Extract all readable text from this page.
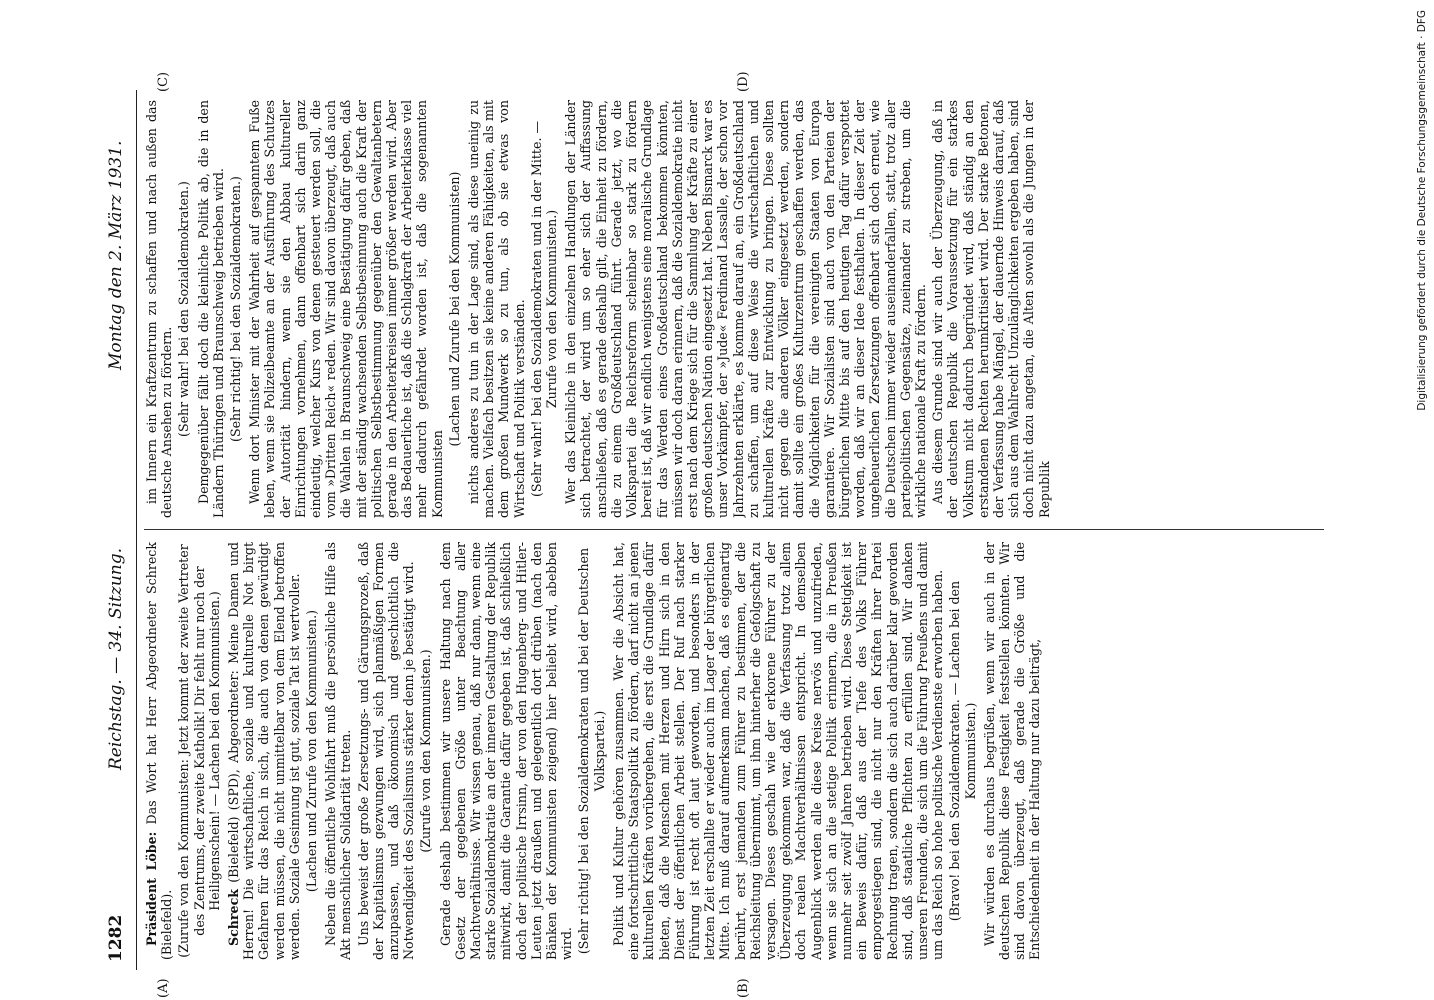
1282
Reichstag. — 34. Sitzung.
Montag den 2. März 1931.
(A)	(B)
(C)	(D)

Präsident Löbe: Das Wort hat Herr Abgeordneter Schreck (Bielefeld). (Zurufe von den Kommunisten: Jetzt kommt der zweite Vertreter des Zentrums, der zweite Katholik! Dir fehlt nur noch der Heiligenschein! — Lachen bei den Kommunisten.)

Schreck (Bielefeld) (SPD), Abgeordneter: Meine Damen und Herren! Die wirtschaftliche, soziale und kulturelle Not birgt Gefahren für das Reich in sich, die auch von denen gewürdigt werden müssen, die nicht unmittelbar von dem Elend betroffen werden. Soziale Gesinnung ist gut, soziale Tat ist wertvoller. (Lachen und Zurufe von den Kommunisten.) Neben die öffentliche Wohlfahrt muß die persönliche Hilfe als Akt menschlicher Solidarität treten. Uns beweist der große Zersetzungs- und Gärungsprozeß, daß der Kapitalismus gezwungen wird, sich planmäßigen Formen anzupassen, und daß ökonomisch und geschichtlich die Notwendigkeit des Sozialismus stärker denn je bestätigt wird. (Zurufe von den Kommunisten.) Gerade deshalb bestimmen wir unsere Haltung nach dem Gesetz der gegebenen Größe unter Beachtung aller Machtverhältnisse. Wir wissen genau, daß nur dann, wenn eine starke Sozialdemokratie an der inneren Gestaltung der Republik mitwirkt, damit die Garantie dafür gegeben ist, daß schließlich doch der politische Irrsinn, der von den Hugenberg- und Hitler-Leuten jetzt draußen und gelegentlich dort drüben (nach den Bänken der Kommunisten zeigend) hier beliebt wird, abebben wird. (Sehr richtig! bei den Sozialdemokraten und bei der Deutschen Volkspartei.) Politik und Kultur gehören zusammen. Wer die Absicht hat, eine fortschrittliche Staatspolitik zu fördern, darf nicht an jenen kulturellen Kräften vorübergehen, die erst die Grundlage dafür bieten, daß die Menschen mit Herzen und Hirn sich in den Dienst der öffentlichen Arbeit stellen. Der Ruf nach starker Führung ist recht oft laut geworden, und besonders in der letzten Zeit erschallte er wieder auch im Lager der bürgerlichen Mitte. Ich muß darauf aufmerksam machen, daß es eigenartig berührt, erst jemanden zum Führer zu bestimmen, der die Reichsleitung übernimmt, um ihm hinterher die Gefolgschaft zu versagen. Dieses geschah wie der erkorene Führer zu der Überzeugung gekommen war, daß die Verfassung trotz allem doch realen Machtverhältnissen entspricht. In demselben Augenblick werden alle diese Kreise nervös und unzufrieden, wenn sie sich an die stetige Politik erinnern, die in Preußen nunmehr seit zwölf Jahren betrieben wird. Diese Stetigkeit ist ein Beweis dafür, daß aus der Tiefe des Volks Führer emporgestiegen sind, die nicht nur den Kräften ihrer Partei Rechnung tragen, sondern die sich auch darüber klar geworden sind, daß staatliche Pflichten zu erfüllen sind. Wir danken unseren Freunden, die sich um die Führung Preußens und damit um das Reich so hohe politische Verdienste erworben haben. (Bravo! bei den Sozialdemokraten. — Lachen bei den Kommunisten.) Wir würden es durchaus begrüßen, wenn wir auch in der deutschen Republik diese Festigkeit feststellen könnten. Wir sind davon überzeugt, daß gerade die Größe und die Entschiedenheit in der Haltung nur dazu beiträgt,

im Innern ein Kraftzentrum zu schaffen und nach außen das deutsche Ansehen zu fördern. (Sehr wahr! bei den Sozialdemokraten.) Demgegenüber fällt doch die kleinliche Politik ab, die in den Ländern Thüringen und Braunschweig betrieben wird. (Sehr richtig! bei den Sozialdemokraten.) Wenn dort Minister mit der Wahrheit auf gespanntem Fuße leben, wenn sie Polizeibeamte an der Ausführung des Schutzes der Autorität hindern, wenn sie den Abbau kultureller Einrichtungen vornehmen, dann offenbart sich darin ganz eindeutig, welcher Kurs von denen gesteuert werden soll, die vom »Dritten Reich« reden. Wir sind davon überzeugt, daß auch die Wahlen in Braunschweig eine Bestätigung dafür geben, daß mit der ständig wachsenden Selbstbesinnung auch die Kraft der politischen Selbstbestimmung gegenüber den Gewaltanbetern gerade in den Arbeiterkreisen immer größer werden wird. Aber das Bedauerliche ist, daß die Schlagkraft der Arbeiterklasse viel mehr dadurch gefährdet worden ist, daß die sogenannten Kommunisten

(Lachen und Zurufe bei den Kommunisten) nichts anderes zu tun in der Lage sind, als diese uneinig zu machen. Vielfach besitzen sie keine anderen Fähigkeiten, als mit dem großen Mundwerk so zu tun, als ob sie etwas von Wirtschaft und Politik verständen. (Sehr wahr! bei den Sozialdemokraten und in der Mitte. — Zurufe von den Kommunisten.) Wer das Kleinliche in den einzelnen Handlungen der Länder sich betrachtet, der wird um so eher sich der Auffassung anschließen, daß es gerade deshalb gilt, die Einheit zu fördern, die zu einem Großdeutschland führt. Gerade jetzt, wo die Volkspartei die Reichsreform scheinbar so stark zu fördern bereit ist, daß wir endlich wenigstens eine moralische Grundlage für das Werden eines Großdeutschland bekommen könnten, müssen wir doch daran erinnern, daß die Sozialdemokratie nicht erst nach dem Kriege sich für die Sammlung der Kräfte zu einer großen deutschen Nation eingesetzt hat. Neben Bismarck war es unser Vorkämpfer, der »Jude« Ferdinand Lassalle, der schon vor Jahrzehnten erklärte, es komme darauf an, ein Großdeutschland zu schaffen, um auf diese Weise die wirtschaftlichen und kulturellen Kräfte zur Entwicklung zu bringen. Diese sollten nicht gegen die anderen Völker eingesetzt werden, sondern damit sollte ein großes Kulturzentrum geschaffen werden, das die Möglichkeiten für die vereinigten Staaten von Europa garantiere. Wir Sozialisten sind auch von den Parteien der bürgerlichen Mitte bis auf den heutigen Tag dafür verspottet worden, daß wir an dieser Idee festhalten. In dieser Zeit der ungeheuerlichen Zersetzungen offenbart sich doch erneut, wie die Deutschen immer wieder auseinanderfallen, statt, trotz aller parteipolitischen Gegensätze, zueinander zu streben, um die wirkliche nationale Kraft zu fördern. Aus diesem Grunde sind wir auch der Überzeugung, daß in der deutschen Republik die Voraussetzung für ein starkes Volkstum nicht dadurch begründet wird, daß ständig an den erstandenen Rechten herumkritisiert wird. Der starke Betonen, der Verfassung habe Mängel, der dauernde Hinweis darauf, daß sich aus dem Wahlrecht Unzulänglichkeiten ergeben haben, sind doch nicht dazu angetan, die Alten sowohl als die Jungen in der Republik

Digitalisierung gefördert durch die Deutsche Forschungsgemeinschaft · DFG
